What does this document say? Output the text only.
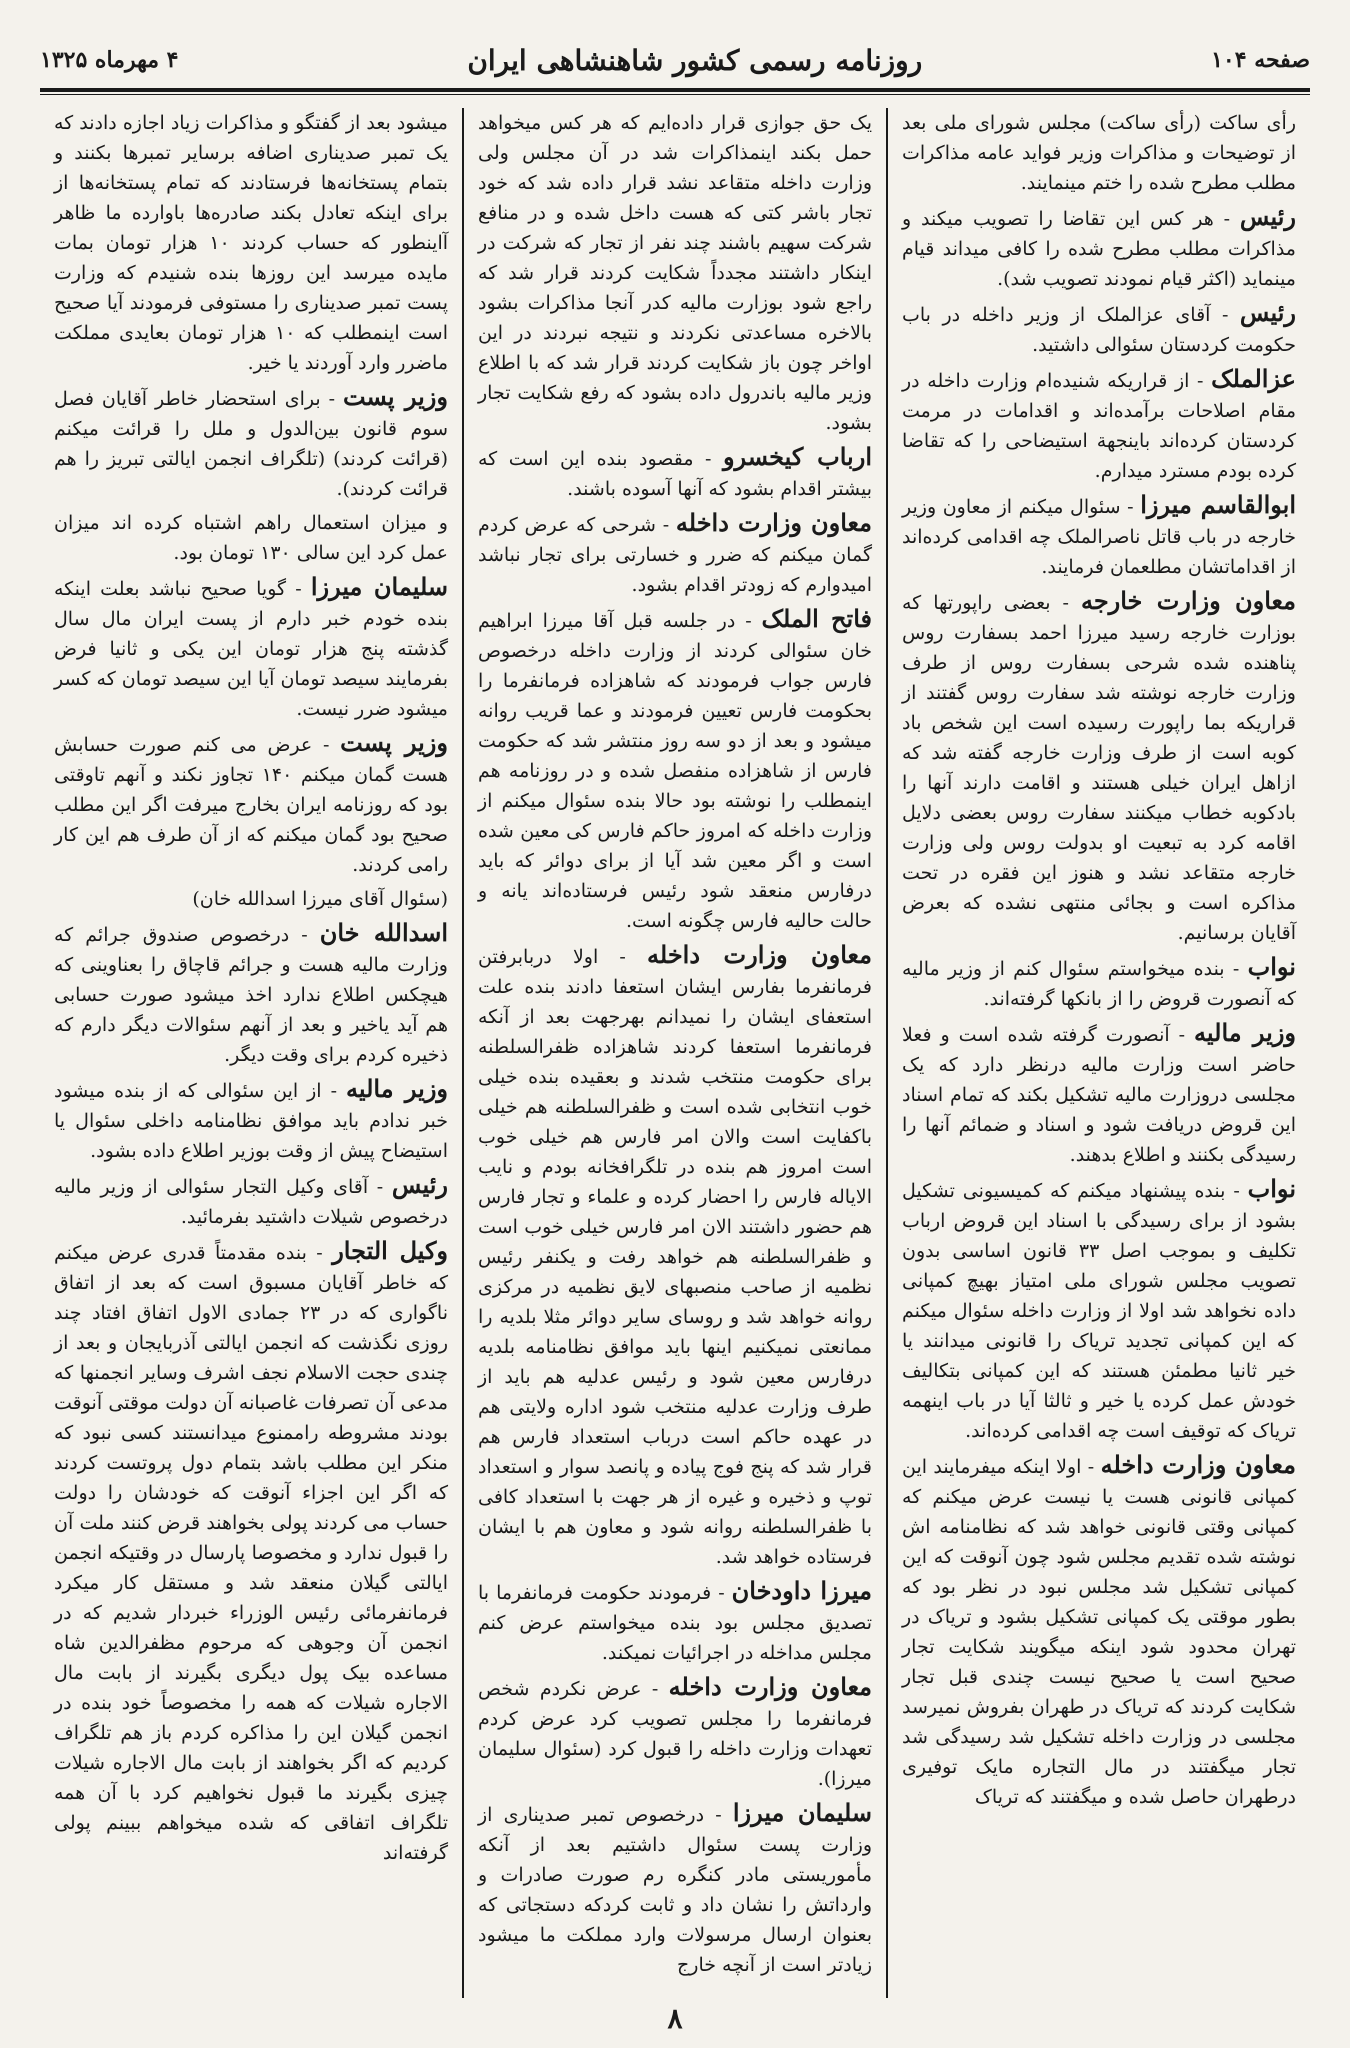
صفحه ۱۰۴
روزنامه رسمی کشور شاهنشاهی ایران
۴ مهرماه ۱۳۲۵

رأی ساکت (رأی ساکت) مجلس شورای ملی بعد از توضیحات و مذاکرات وزیر فواید عامه مذاکرات مطلب مطرح شده را ختم مینمایند.

رئیس - هر کس این تقاضا را تصویب میکند و مذاکرات مطلب مطرح شده را کافی میداند قیام مینماید (اکثر قیام نمودند تصویب شد).

رئیس - آقای عزالملک از وزیر داخله در باب حکومت کردستان سئوالی داشتید.

عزالملک - از قراریکه شنیده‌ام وزارت داخله در مقام اصلاحات برآمده‌اند و اقدامات در مرمت کردستان کرده‌اند باینجهة استیضاحی را که تقاضا کرده بودم مسترد میدارم.

ابوالقاسم میرزا - سئوال میکنم از معاون وزیر خارجه در باب قاتل ناصرالملک چه اقدامی کرده‌اند از اقداماتشان مطلعمان فرمایند.

معاون وزارت خارجه - بعضی راپورتها که بوزارت خارجه رسید میرزا احمد بسفارت روس پناهنده شده شرحی بسفارت روس از طرف وزارت خارجه نوشته شد سفارت روس گفتند از قراریکه بما راپورت رسیده است این شخص باد کوبه است از طرف وزارت خارجه گفته شد که ازاهل ایران خیلی هستند و اقامت دارند آنها را بادکوبه خطاب میکنند سفارت روس بعضی دلایل اقامه کرد به تبعیت او بدولت روس ولی وزارت خارجه متقاعد نشد و هنوز این فقره در تحت مذاکره است و بجائی منتهی نشده که بعرض آقایان برسانیم.

نواب - بنده میخواستم سئوال کنم از وزیر مالیه که آنصورت قروض را از بانکها گرفته‌اند.

وزیر مالیه - آنصورت گرفته شده است و فعلا حاضر است وزارت مالیه درنظر دارد که یک مجلسی دروزارت مالیه تشکیل بکند که تمام اسناد این قروض دریافت شود و اسناد و ضمائم آنها را رسیدگی بکنند و اطلاع بدهند.

نواب - بنده پیشنهاد میکنم که کمیسیونی تشکیل بشود از برای رسیدگی با اسناد این قروض ارباب تکلیف و بموجب اصل ۳۳ قانون اساسی بدون تصویب مجلس شورای ملی امتیاز بهیچ کمپانی داده نخواهد شد اولا از وزارت داخله سئوال میکنم که این کمپانی تجدید تریاک را قانونی میدانند یا خیر ثانیا مطمئن هستند که این کمپانی بتکالیف خودش عمل کرده یا خیر و ثالثا آیا در باب اینهمه تریاک که توقیف است چه اقدامی کرده‌اند.

معاون وزارت داخله - اولا اینکه میفرمایند این کمپانی قانونی هست یا نیست عرض میکنم که کمپانی وقتی قانونی خواهد شد که نظامنامه اش نوشته شده تقدیم مجلس شود چون آنوقت که این کمپانی تشکیل شد مجلس نبود در نظر بود که بطور موقتی یک کمپانی تشکیل بشود و تریاک در تهران محدود شود اینکه میگویند شکایت تجار صحیح است یا صحیح نیست چندی قبل تجار شکایت کردند که تریاک در طهران بفروش نمیرسد مجلسی در وزارت داخله تشکیل شد رسیدگی شد تجار میگفتند در مال التجاره مایک توفیری درطهران حاصل شده و میگفتند که تریاک

یک حق جوازی قرار داده‌ایم که هر کس میخواهد حمل بکند اینمذاکرات شد در آن مجلس ولی وزارت داخله متقاعد نشد قرار داده شد که خود تجار باشر کتی که هست داخل شده و در منافع شرکت سهیم باشند چند نفر از تجار که شرکت در اینکار داشتند مجدداً شکایت کردند قرار شد که راجع شود بوزارت مالیه کدر آنجا مذاکرات بشود بالاخره مساعدتی نکردند و نتیجه نبردند در این اواخر چون باز شکایت کردند قرار شد که با اطلاع وزیر مالیه باندرول داده بشود که رفع شکایت تجار بشود.

ارباب کیخسرو - مقصود بنده این است که بیشتر اقدام بشود که آنها آسوده باشند.

معاون وزارت داخله - شرحی که عرض کردم گمان میکنم که ضرر و خسارتی برای تجار نباشد امیدوارم که زودتر اقدام بشود.

فاتح الملک - در جلسه قبل آقا میرزا ابراهیم خان سئوالی کردند از وزارت داخله درخصوص فارس جواب فرمودند که شاهزاده فرمانفرما را بحکومت فارس تعیین فرمودند و عما قریب روانه میشود و بعد از دو سه روز منتشر شد که حکومت فارس از شاهزاده منفصل شده و در روزنامه هم اینمطلب را نوشته بود حالا بنده سئوال میکنم از وزارت داخله که امروز حاکم فارس کی معین شده است و اگر معین شد آیا از برای دوائر که باید درفارس منعقد شود رئیس فرستاده‌اند یانه و حالت حالیه فارس چگونه است.

معاون وزارت داخله - اولا دربابرفتن فرمانفرما بفارس ایشان استعفا دادند بنده علت استعفای ایشان را نمیدانم بهرجهت بعد از آنکه فرمانفرما استعفا کردند شاهزاده ظفرالسلطنه برای حکومت منتخب شدند و بعقیده بنده خیلی خوب انتخابی شده است و ظفرالسلطنه هم خیلی باکفایت است والان امر فارس هم خیلی خوب است امروز هم بنده در تلگرافخانه بودم و نایب الایاله فارس را احضار کرده و علماء و تجار فارس هم حضور داشتند الان امر فارس خیلی خوب است و ظفرالسلطنه هم خواهد رفت و یکنفر رئیس نظمیه از صاحب منصبهای لایق نظمیه در مرکزی روانه خواهد شد و روسای سایر دوائر مثلا بلدیه را ممانعتی نمیکنیم اینها باید موافق نظامنامه بلدیه درفارس معین شود و رئیس عدلیه هم باید از طرف وزارت عدلیه منتخب شود اداره ولایتی هم در عهده حاکم است درباب استعداد فارس هم قرار شد که پنج فوج پیاده و پانصد سوار و استعداد توپ و ذخیره و غیره از هر جهت با استعداد کافی با ظفرالسلطنه روانه شود و معاون هم با ایشان فرستاده خواهد شد.

میرزا داودخان - فرمودند حکومت فرمانفرما با تصدیق مجلس بود بنده میخواستم عرض کنم مجلس مداخله در اجرائیات نمیکند.

معاون وزارت داخله - عرض نکردم شخص فرمانفرما را مجلس تصویب کرد عرض کردم تعهدات وزارت داخله را قبول کرد (سئوال سلیمان میرزا).

سلیمان میرزا - درخصوص تمبر صدیناری از وزارت پست سئوال داشتیم بعد از آنکه مأموریستی مادر کنگره رم صورت صادرات و وارداتش را نشان داد و ثابت کردکه دستجاتی که بعنوان ارسال مرسولات وارد مملکت ما میشود زیادتر است از آنچه خارج

میشود بعد از گفتگو و مذاکرات زیاد اجازه دادند که یک تمبر صدیناری اضافه برسایر تمبرها بکنند و بتمام پستخانه‌ها فرستادند که تمام پستخانه‌ها از برای اینکه تعادل بکند صادره‌ها باوارده ما ظاهر آاینطور که حساب کردند ۱۰ هزار تومان بمات مایده میرسد این روزها بنده شنیدم که وزارت پست تمبر صدیناری را مستوفی فرمودند آیا صحیح است اینمطلب که ۱۰ هزار تومان بعایدی مملکت ماضرر وارد آوردند یا خیر.

وزیر پست - برای استحضار خاطر آقایان فصل سوم قانون بین‌الدول و ملل را قرائت میکنم (قرائت کردند) (تلگراف انجمن ایالتی تبریز را هم قرائت کردند).

و میزان استعمال راهم اشتباه کرده اند میزان عمل کرد این سالی ۱۳۰ تومان بود.

سلیمان میرزا - گویا صحیح نباشد بعلت اینکه بنده خودم خبر دارم از پست ایران مال سال گذشته پنج هزار تومان این یکی و ثانیا فرض بفرمایند سیصد تومان آیا این سیصد تومان که کسر میشود ضرر نیست.

وزیر پست - عرض می کنم صورت حسابش هست گمان میکنم ۱۴۰ تجاوز نکند و آنهم تاوقتی بود که روزنامه ایران بخارج میرفت اگر این مطلب صحیح بود گمان میکنم که از آن طرف هم این کار رامی کردند.

(سئوال آقای میرزا اسدالله خان)

اسدالله خان - درخصوص صندوق جرائم که وزارت مالیه هست و جرائم قاچاق را بعناوینی که هیچکس اطلاع ندارد اخذ میشود صورت حسابی هم آید یاخیر و بعد از آنهم سئوالات دیگر دارم که ذخیره کردم برای وقت دیگر.

وزیر مالیه - از این سئوالی که از بنده میشود خبر ندادم باید موافق نظامنامه داخلی سئوال یا استیضاح پیش از وقت بوزیر اطلاع داده بشود.

رئیس - آقای وکیل التجار سئوالی از وزیر مالیه درخصوص شیلات داشتید بفرمائید.

وکیل التجار - بنده مقدمتاً قدری عرض میکنم که خاطر آقایان مسبوق است که بعد از اتفاق ناگواری که در ۲۳ جمادی الاول اتفاق افتاد چند روزی نگذشت که انجمن ایالتی آذربایجان و بعد از چندی حجت الاسلام نجف اشرف وسایر انجمنها که مدعی آن تصرفات غاصبانه آن دولت موقتی آنوقت بودند مشروطه راممنوع میدانستند کسی نبود که منکر این مطلب باشد بتمام دول پروتست کردند که اگر این اجزاء آنوقت که خودشان را دولت حساب می کردند پولی بخواهند قرض کنند ملت آن را قبول ندارد و مخصوصا پارسال در وقتیکه انجمن ایالتی گیلان منعقد شد و مستقل کار میکرد فرمانفرمائی رئیس الوزراء خبردار شدیم که در انجمن آن وجوهی که مرحوم مظفرالدین شاه مساعده بیک پول دیگری بگیرند از بابت مال الاجاره شیلات که همه را مخصوصاً خود بنده در انجمن گیلان این را مذاکره کردم باز هم تلگراف کردیم که اگر بخواهند از بابت مال الاجاره شیلات چیزی بگیرند ما قبول نخواهیم کرد با آن همه تلگراف اتفاقی که شده میخواهم ببینم پولی گرفته‌اند

۸
